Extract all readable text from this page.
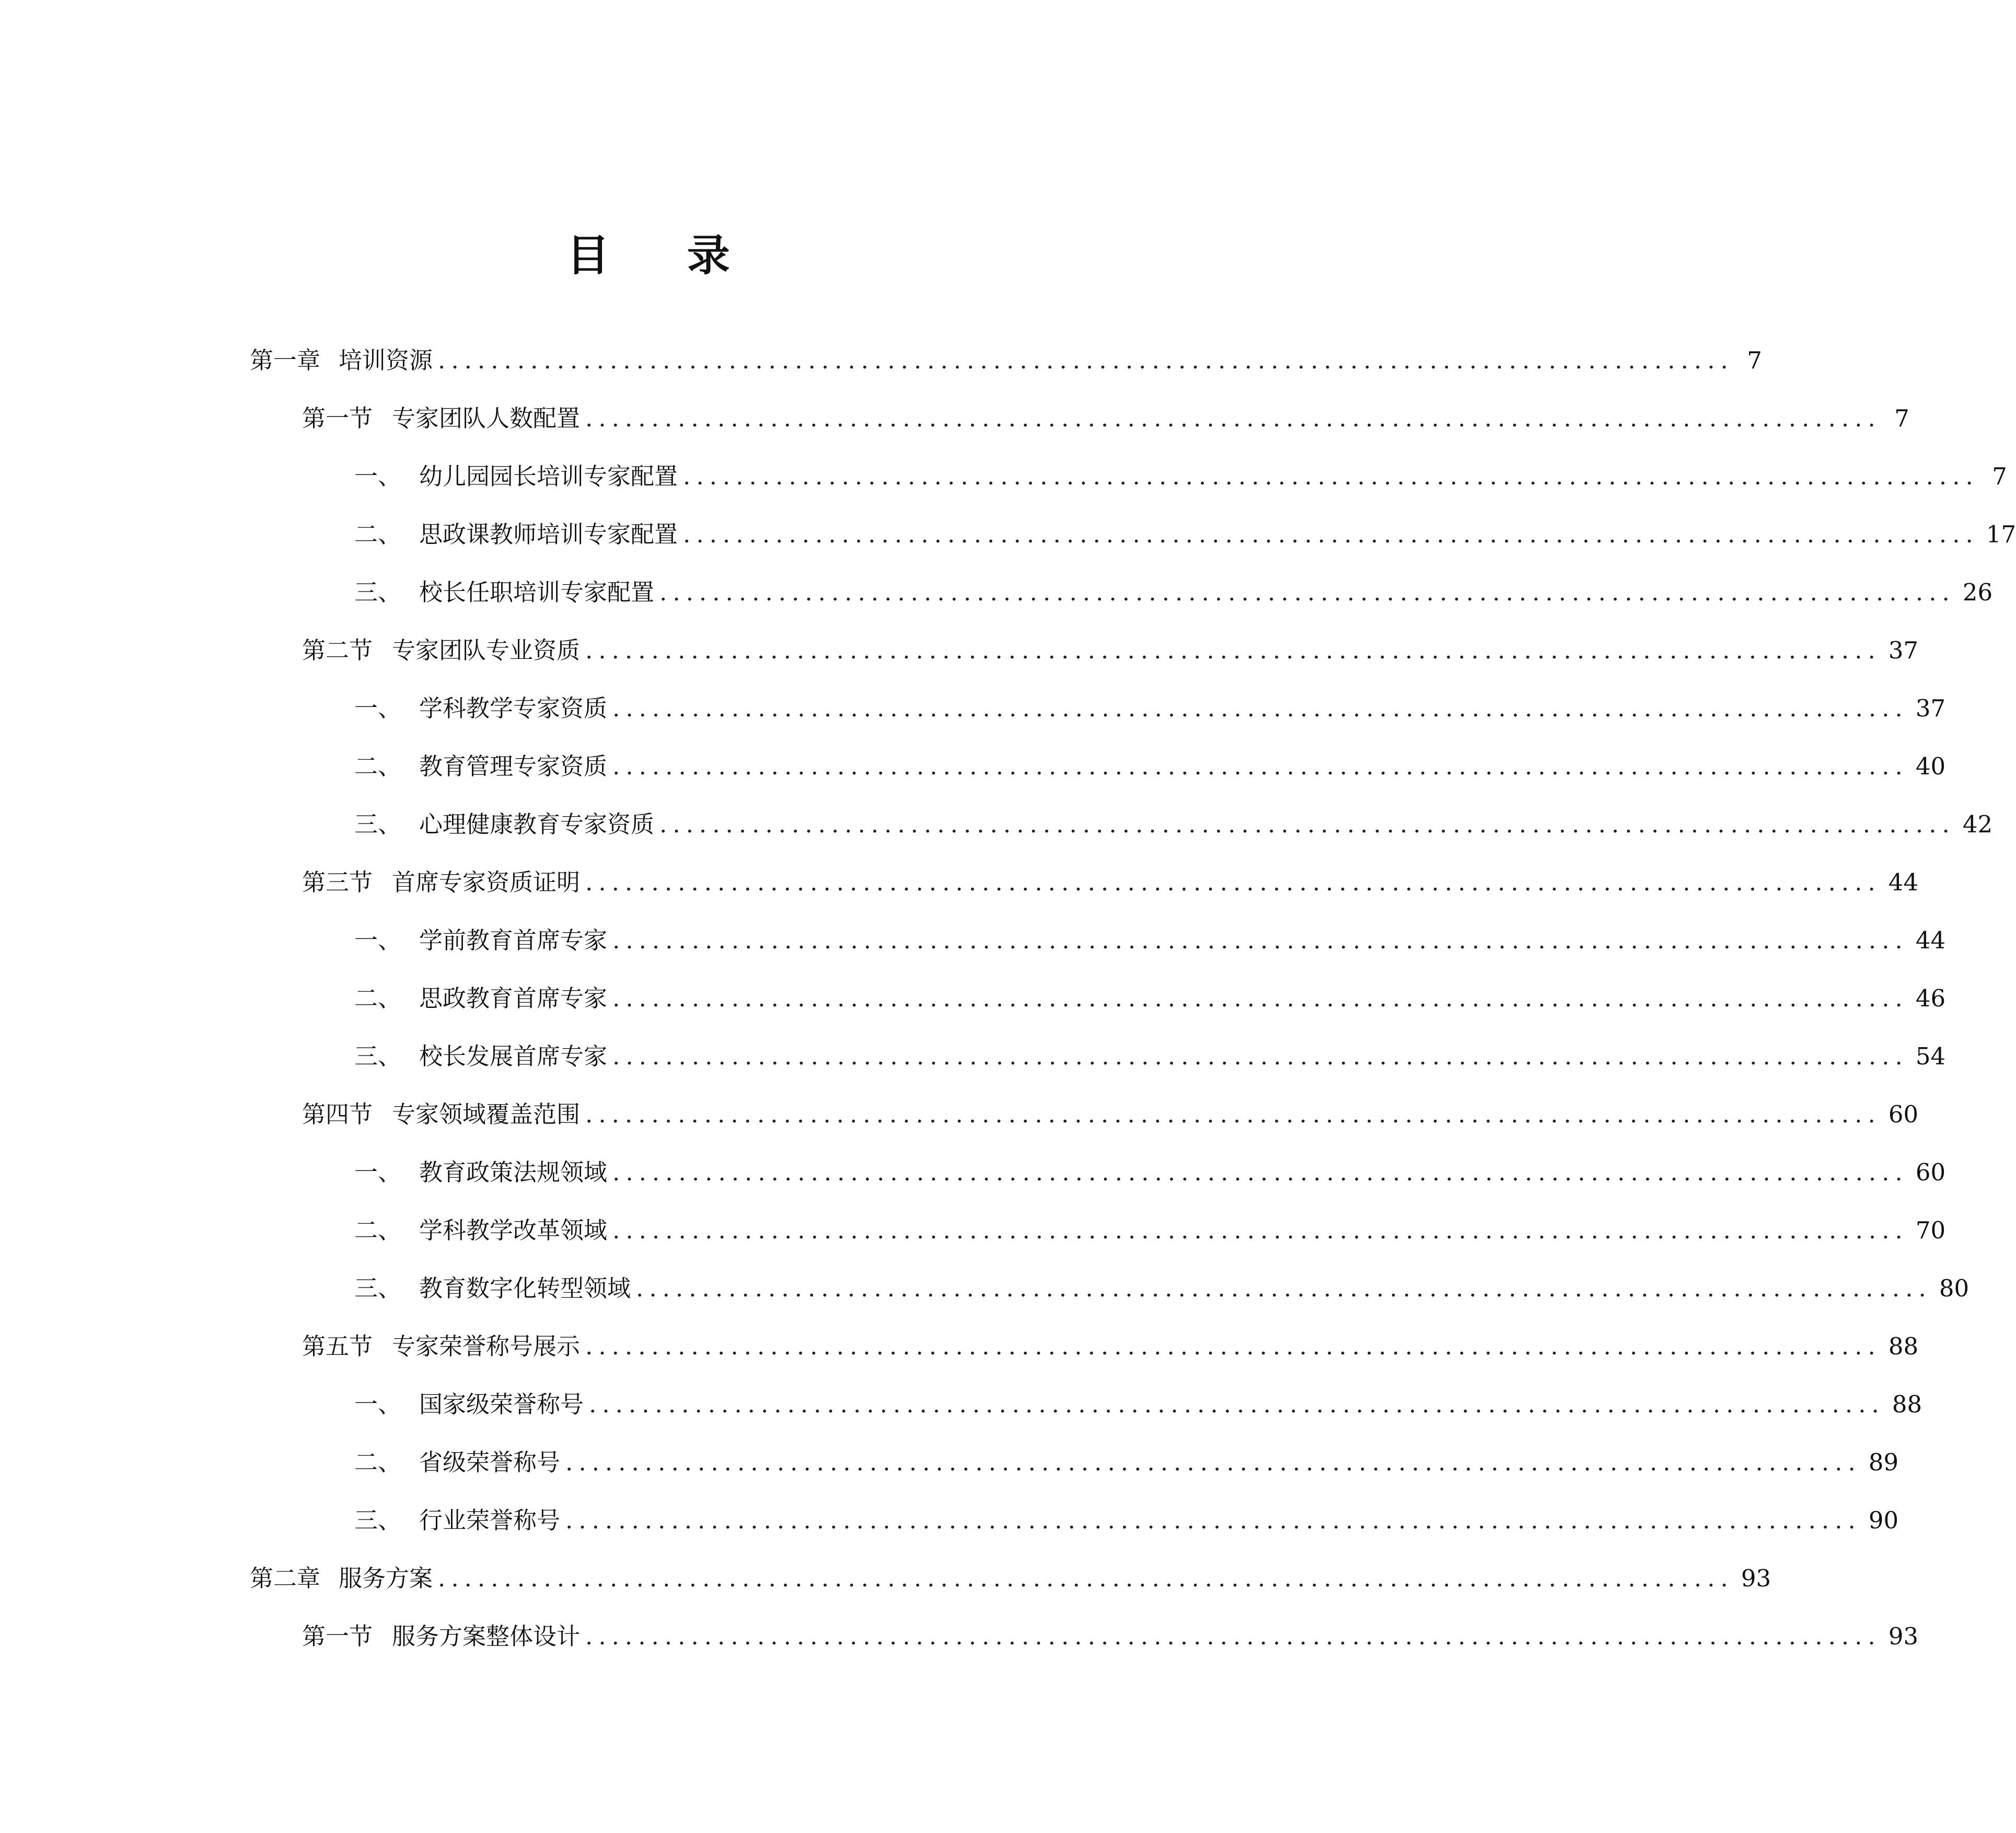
目 录
第一章 培训资源 .................................................................................................. 7
第一节 专家团队人数配置 .................................................................................................. 7
一、 幼儿园园长培训专家配置 .................................................................................................. 7
二、 思政课教师培训专家配置 .................................................................................................. 17
三、 校长任职培训专家配置 .................................................................................................. 26
第二节 专家团队专业资质 .................................................................................................. 37
一、 学科教学专家资质 .................................................................................................. 37
二、 教育管理专家资质 .................................................................................................. 40
三、 心理健康教育专家资质 .................................................................................................. 42
第三节 首席专家资质证明 .................................................................................................. 44
一、 学前教育首席专家 .................................................................................................. 44
二、 思政教育首席专家 .................................................................................................. 46
三、 校长发展首席专家 .................................................................................................. 54
第四节 专家领域覆盖范围 .................................................................................................. 60
一、 教育政策法规领域 .................................................................................................. 60
二、 学科教学改革领域 .................................................................................................. 70
三、 教育数字化转型领域 .................................................................................................. 80
第五节 专家荣誉称号展示 .................................................................................................. 88
一、 国家级荣誉称号 .................................................................................................. 88
二、 省级荣誉称号 .................................................................................................. 89
三、 行业荣誉称号 .................................................................................................. 90
第二章 服务方案 .................................................................................................. 93
第一节 服务方案整体设计 .................................................................................................. 93
